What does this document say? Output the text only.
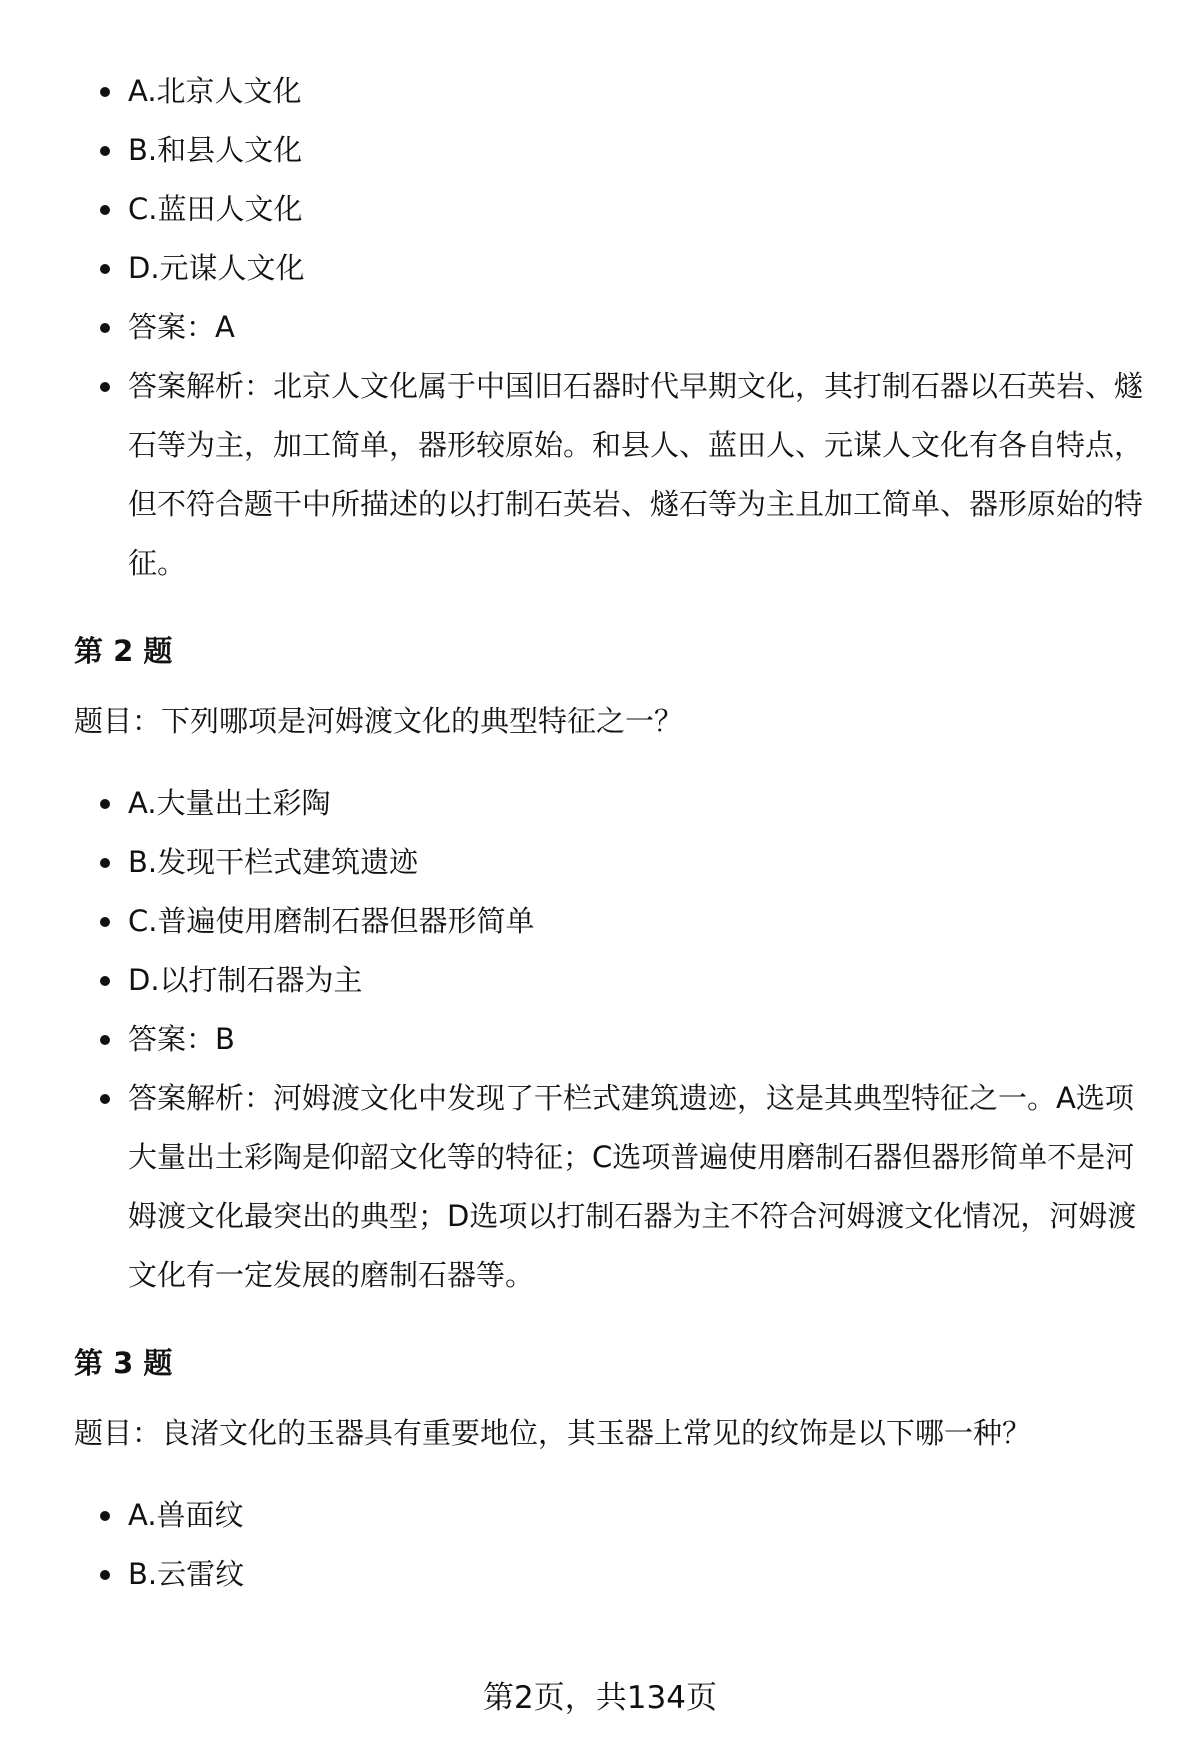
A.北京人文化
B.和县人文化
C.蓝田人文化
D.元谋人文化
答案：A
答案解析：北京人文化属于中国旧石器时代早期文化，其打制石器以石英岩、燧石等为主，加工简单，器形较原始。和县人、蓝田人、元谋人文化有各自特点，但不符合题干中所描述的以打制石英岩、燧石等为主且加工简单、器形原始的特征。
第 2 题
题目：下列哪项是河姆渡文化的典型特征之一？
A.大量出土彩陶
B.发现干栏式建筑遗迹
C.普遍使用磨制石器但器形简单
D.以打制石器为主
答案：B
答案解析：河姆渡文化中发现了干栏式建筑遗迹，这是其典型特征之一。A选项大量出土彩陶是仰韶文化等的特征；C选项普遍使用磨制石器但器形简单不是河姆渡文化最突出的典型；D选项以打制石器为主不符合河姆渡文化情况，河姆渡文化有一定发展的磨制石器等。
第 3 题
题目：良渚文化的玉器具有重要地位，其玉器上常见的纹饰是以下哪一种？
A.兽面纹
B.云雷纹
第2页，共134页
